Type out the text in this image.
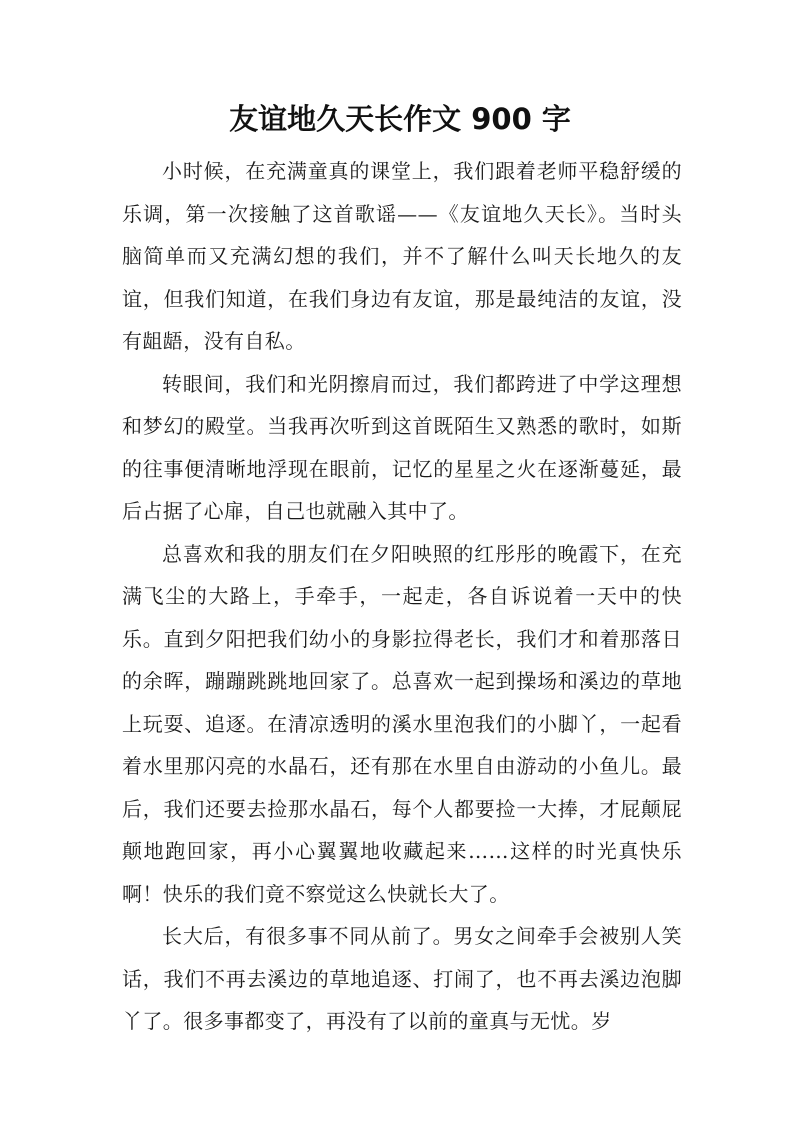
友谊地久天长作文 900 字

小时候，在充满童真的课堂上，我们跟着老师平稳舒缓的乐调，第一次接触了这首歌谣——《友谊地久天长》。当时头脑简单而又充满幻想的我们，并不了解什么叫天长地久的友谊，但我们知道，在我们身边有友谊，那是最纯洁的友谊，没有龃龉，没有自私。

转眼间，我们和光阴擦肩而过，我们都跨进了中学这理想和梦幻的殿堂。当我再次听到这首既陌生又熟悉的歌时，如斯的往事便清晰地浮现在眼前，记忆的星星之火在逐渐蔓延，最后占据了心扉，自己也就融入其中了。

总喜欢和我的朋友们在夕阳映照的红彤彤的晚霞下，在充满飞尘的大路上，手牵手，一起走，各自诉说着一天中的快乐。直到夕阳把我们幼小的身影拉得老长，我们才和着那落日的余晖，蹦蹦跳跳地回家了。总喜欢一起到操场和溪边的草地上玩耍、追逐。在清凉透明的溪水里泡我们的小脚丫，一起看着水里那闪亮的水晶石，还有那在水里自由游动的小鱼儿。最后，我们还要去捡那水晶石，每个人都要捡一大捧，才屁颠屁颠地跑回家，再小心翼翼地收藏起来……这样的时光真快乐啊！快乐的我们竟不察觉这么快就长大了。

长大后，有很多事不同从前了。男女之间牵手会被别人笑话，我们不再去溪边的草地追逐、打闹了，也不再去溪边泡脚丫了。很多事都变了，再没有了以前的童真与无忧。岁
